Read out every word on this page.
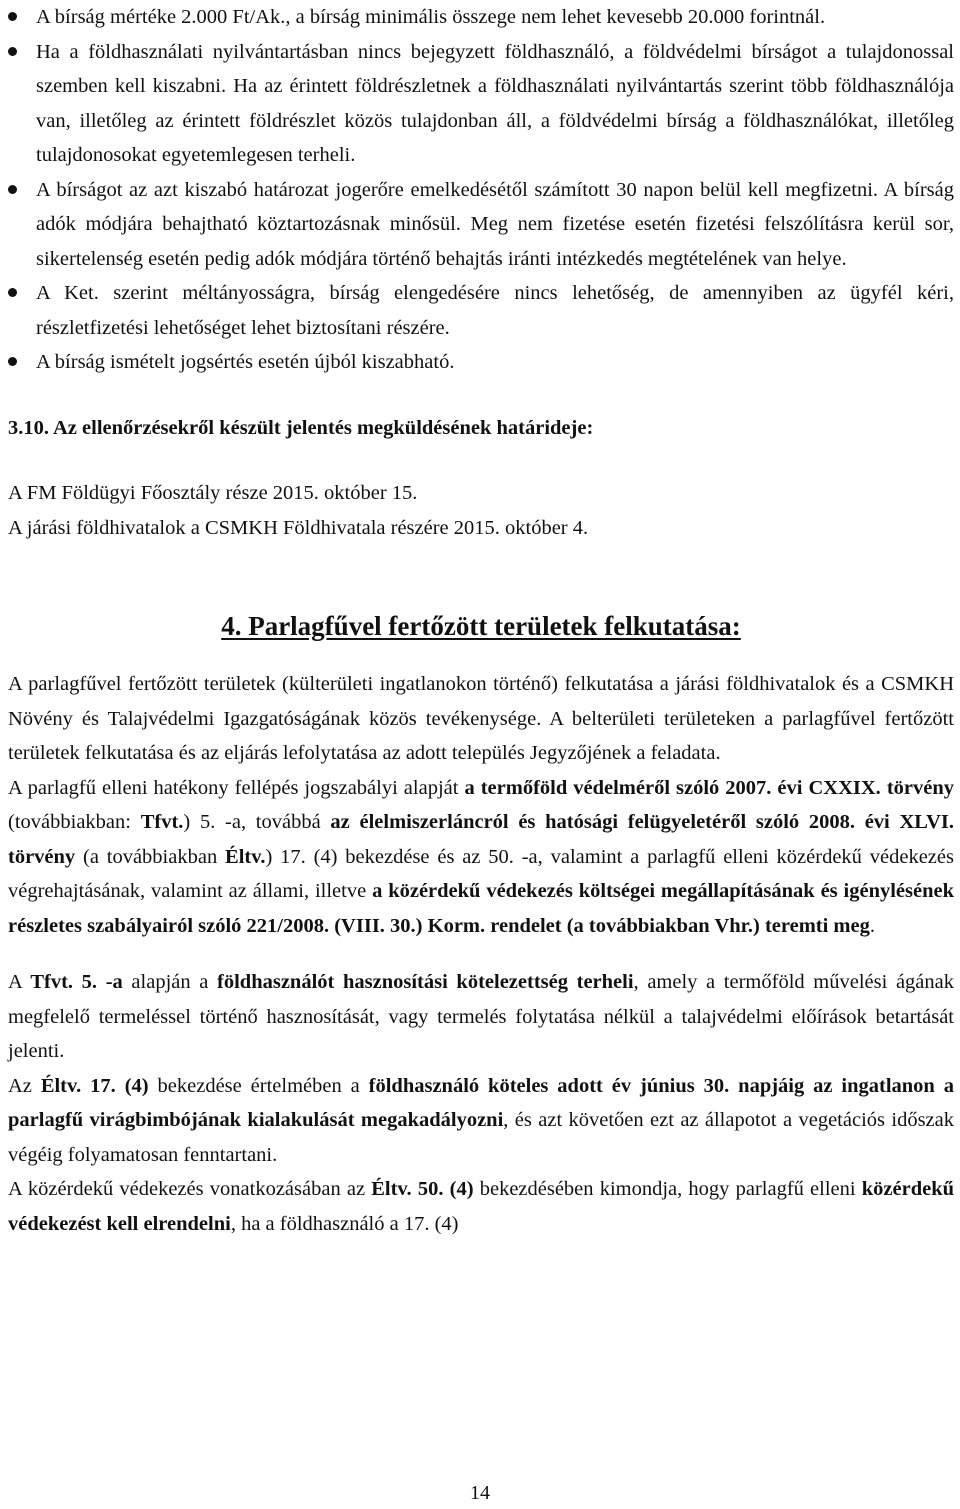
A bírság mértéke 2.000 Ft/Ak., a bírság minimális összege nem lehet kevesebb 20.000 forintnál.
Ha a földhasználati nyilvántartásban nincs bejegyzett földhasználó, a földvédelmi bírságot a tulajdonossal szemben kell kiszabni. Ha az érintett földrészletnek a földhasználati nyilvántartás szerint több földhasználója van, illetőleg az érintett földrészlet közös tulajdonban áll, a földvédelmi bírság a földhasználókat, illetőleg tulajdonosokat egyetemlegesen terheli.
A bírságot az azt kiszabó határozat jogerőre emelkedésétől számított 30 napon belül kell megfizetni. A bírság adók módjára behajtható köztartozásnak minősül. Meg nem fizetése esetén fizetési felszólításra kerül sor, sikertelenség esetén pedig adók módjára történő behajtás iránti intézkedés megtételének van helye.
A Ket. szerint méltányosságra, bírság elengedésére nincs lehetőség, de amennyiben az ügyfél kéri, részletfizetési lehetőséget lehet biztosítani részére.
A bírság ismételt jogsértés esetén újból kiszabható.

3.10. Az ellenőrzésekről készült jelentés megküldésének határideje:

A FM Földügyi Főosztály része 2015. október 15.

A járási földhivatalok a CSMKH Földhivatala részére 2015. október 4.

4. Parlagfűvel fertőzött területek felkutatása:

A parlagfűvel fertőzött területek (külterületi ingatlanokon történő) felkutatása a járási földhivatalok és a CSMKH Növény és Talajvédelmi Igazgatóságának közös tevékenysége. A belterületi területeken a parlagfűvel fertőzött területek felkutatása és az eljárás lefolytatása az adott település Jegyzőjének a feladata.

A parlagfű elleni hatékony fellépés jogszabályi alapját a termőföld védelméről szóló 2007. évi CXXIX. törvény (továbbiakban: Tfvt.) 5. -a, továbbá az élelmiszerláncról és hatósági felügyeletéről szóló 2008. évi XLVI. törvény (a továbbiakban Éltv.) 17. (4) bekezdése és az 50. -a, valamint a parlagfű elleni közérdekű védekezés végrehajtásának, valamint az állami, illetve a közérdekű védekezés költségei megállapításának és igénylésének részletes szabályairól szóló 221/2008. (VIII. 30.) Korm. rendelet (a továbbiakban Vhr.) teremti meg.

A Tfvt. 5. -a alapján a földhasználót hasznosítási kötelezettség terheli, amely a termőföld művelési ágának megfelelő termeléssel történő hasznosítását, vagy termelés folytatása nélkül a talajvédelmi előírások betartását jelenti.

Az Éltv. 17. (4) bekezdése értelmében a földhasználó köteles adott év június 30. napjáig az ingatlanon a parlagfű virágbimbójának kialakulását megakadályozni, és azt követően ezt az állapotot a vegetációs időszak végéig folyamatosan fenntartani.

A közérdekű védekezés vonatkozásában az Éltv. 50. (4) bekezdésében kimondja, hogy parlagfű elleni közérdekű védekezést kell elrendelni, ha a földhasználó a 17. (4)

14
